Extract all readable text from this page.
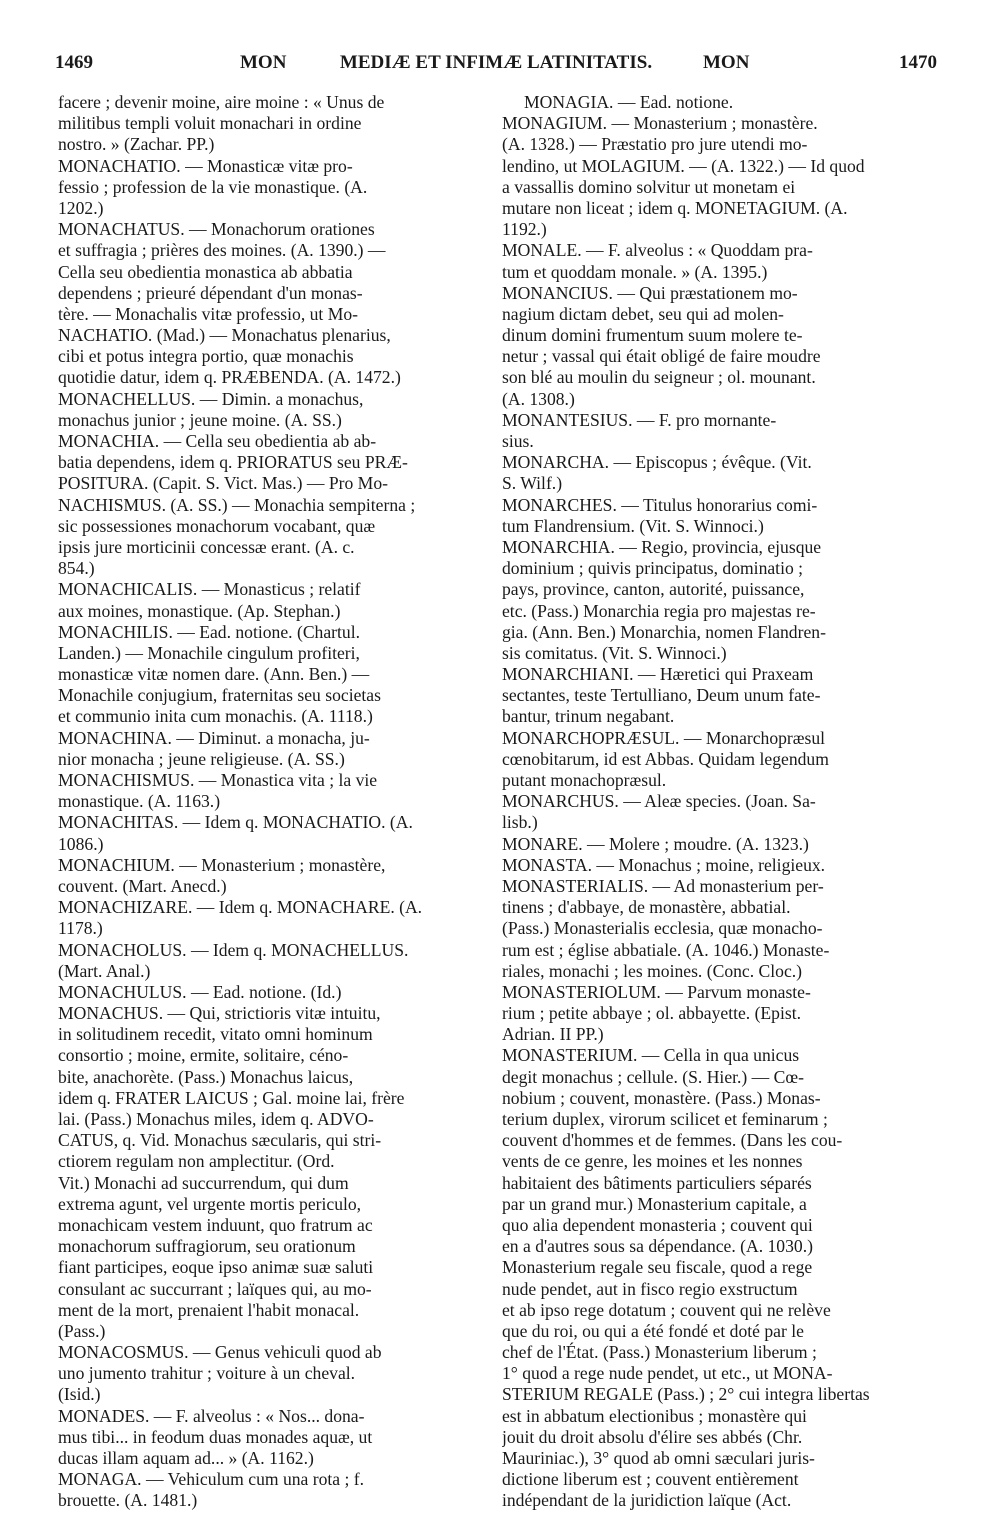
1469	MON	MEDIÆ ET INFIMÆ LATINITATIS.	MON	1470
facere ; devenir moine, aire moine : « Unus de
militibus templi voluit monachari in ordine
nostro. » (Zachar. PP.)
MONACHATIO. — Monasticæ vitæ pro-
fessio ; profession de la vie monastique. (A.
1202.)
MONACHATUS. — Monachorum orationes
et suffragia ; prières des moines. (A. 1390.) —
Cella seu obedientia monastica ab abbatia
dependens ; prieuré dépendant d'un monas-
tère. — Monachalis vitæ professio, ut Mo-
NACHATIO. (Mad.) — Monachatus plenarius,
cibi et potus integra portio, quæ monachis
quotidie datur, idem q. PRÆBENDA. (A. 1472.)
MONACHELLUS. — Dimin. a monachus,
monachus junior ; jeune moine. (A. SS.)
MONACHIA. — Cella seu obedientia ab ab-
batia dependens, idem q. PRIORATUS seu PRÆ-
POSITURA. (Capit. S. Vict. Mas.) — Pro Mo-
NACHISMUS. (A. SS.) — Monachia sempiterna ;
sic possessiones monachorum vocabant, quæ
ipsis jure morticinii concessæ erant. (A. c.
854.)
MONACHICALIS. — Monasticus ; relatif
aux moines, monastique. (Ap. Stephan.)
MONACHILIS. — Ead. notione. (Chartul.
Landen.) — Monachile cingulum profiteri,
monasticæ vitæ nomen dare. (Ann. Ben.) —
Monachile conjugium, fraternitas seu societas
et communio inita cum monachis. (A. 1118.)
MONACHINA. — Diminut. a monacha, ju-
nior monacha ; jeune religieuse. (A. SS.)
MONACHISMUS. — Monastica vita ; la vie
monastique. (A. 1163.)
MONACHITAS. — Idem q. MONACHATIO. (A.
1086.)
MONACHIUM. — Monasterium ; monastère,
couvent. (Mart. Anecd.)
MONACHIZARE. — Idem q. MONACHARE. (A.
1178.)
MONACHOLUS. — Idem q. MONACHELLUS.
(Mart. Anal.)
MONACHULUS. — Ead. notione. (Id.)
MONACHUS. — Qui, strictioris vitæ intuitu,
in solitudinem recedit, vitato omni hominum
consortio ; moine, ermite, solitaire, céno-
bite, anachorète. (Pass.) Monachus laicus,
idem q. FRATER LAICUS ; Gal. moine lai, frère
lai. (Pass.) Monachus miles, idem q. ADVO-
CATUS, q. Vid. Monachus sæcularis, qui stri-
ctiorem regulam non amplectitur. (Ord.
Vit.) Monachi ad succurrendum, qui dum
extrema agunt, vel urgente mortis periculo,
monachicam vestem induunt, quo fratrum ac
monachorum suffragiorum, seu orationum
fiant participes, eoque ipso animæ suæ saluti
consulant ac succurrant ; laïques qui, au mo-
ment de la mort, prenaient l'habit monacal.
(Pass.)
MONACOSMUS. — Genus vehiculi quod ab
uno jumento trahitur ; voiture à un cheval.
(Isid.)
MONADES. — F. alveolus : « Nos... dona-
mus tibi... in feodum duas monades aquæ, ut
ducas illam aquam ad... » (A. 1162.)
MONAGA. — Vehiculum cum una rota ; f.
brouette. (A. 1481.)
MONAGIA. — Ead. notione.
MONAGIUM. — Monasterium ; monastère.
(A. 1328.) — Præstatio pro jure utendi mo-
lendino, ut MOLAGIUM. — (A. 1322.) — Id quod
a vassallis domino solvitur ut monetam ei
mutare non liceat ; idem q. MONETAGIUM. (A.
1192.)
MONALE. — F. alveolus : « Quoddam pra-
tum et quoddam monale. » (A. 1395.)
MONANCIUS. — Qui præstationem mo-
nagium dictam debet, seu qui ad molen-
dinum domini frumentum suum molere te-
netur ; vassal qui était obligé de faire moudre
son blé au moulin du seigneur ; ol. mounant.
(A. 1308.)
MONANTESIUS. — F. pro mornante-
sius.
MONARCHA. — Episcopus ; évêque. (Vit.
S. Wilf.)
MONARCHES. — Titulus honorarius comi-
tum Flandrensium. (Vit. S. Winnoci.)
MONARCHIA. — Regio, provincia, ejusque
dominium ; quivis principatus, dominatio ;
pays, province, canton, autorité, puissance,
etc. (Pass.) Monarchia regia pro majestas re-
gia. (Ann. Ben.) Monarchia, nomen Flandren-
sis comitatus. (Vit. S. Winnoci.)
MONARCHIANI. — Hæretici qui Praxeam
sectantes, teste Tertulliano, Deum unum fate-
bantur, trinum negabant.
MONARCHOPRÆSUL. — Monarchopræsul
cœnobitarum, id est Abbas. Quidam legendum
putant monachopræsul.
MONARCHUS. — Aleæ species. (Joan. Sa-
lisb.)
MONARE. — Molere ; moudre. (A. 1323.)
MONASTA. — Monachus ; moine, religieux.
MONASTERIALIS. — Ad monasterium per-
tinens ; d'abbaye, de monastère, abbatial.
(Pass.) Monasterialis ecclesia, quæ monacho-
rum est ; église abbatiale. (A. 1046.) Monaste-
riales, monachi ; les moines. (Conc. Cloc.)
MONASTERIOLUM. — Parvum monaste-
rium ; petite abbaye ; ol. abbayette. (Epist.
Adrian. II PP.)
MONASTERIUM. — Cella in qua unicus
degit monachus ; cellule. (S. Hier.) — Cœ-
nobium ; couvent, monastère. (Pass.) Monas-
terium duplex, virorum scilicet et feminarum ;
couvent d'hommes et de femmes. (Dans les cou-
vents de ce genre, les moines et les nonnes
habitaient des bâtiments particuliers séparés
par un grand mur.) Monasterium capitale, a
quo alia dependent monasteria ; couvent qui
en a d'autres sous sa dépendance. (A. 1030.)
Monasterium regale seu fiscale, quod a rege
nude pendet, aut in fisco regio exstructum
et ab ipso rege dotatum ; couvent qui ne relève
que du roi, ou qui a été fondé et doté par le
chef de l'État. (Pass.) Monasterium liberum ;
1° quod a rege nude pendet, ut etc., ut MONA-
STERIUM REGALE (Pass.) ; 2° cui integra libertas
est in abbatum electionibus ; monastère qui
jouit du droit absolu d'élire ses abbés (Chr.
Mauriniac.), 3° quod ab omni sæculari juris-
dictione liberum est ; couvent entièrement
indépendant de la juridiction laïque (Act.
